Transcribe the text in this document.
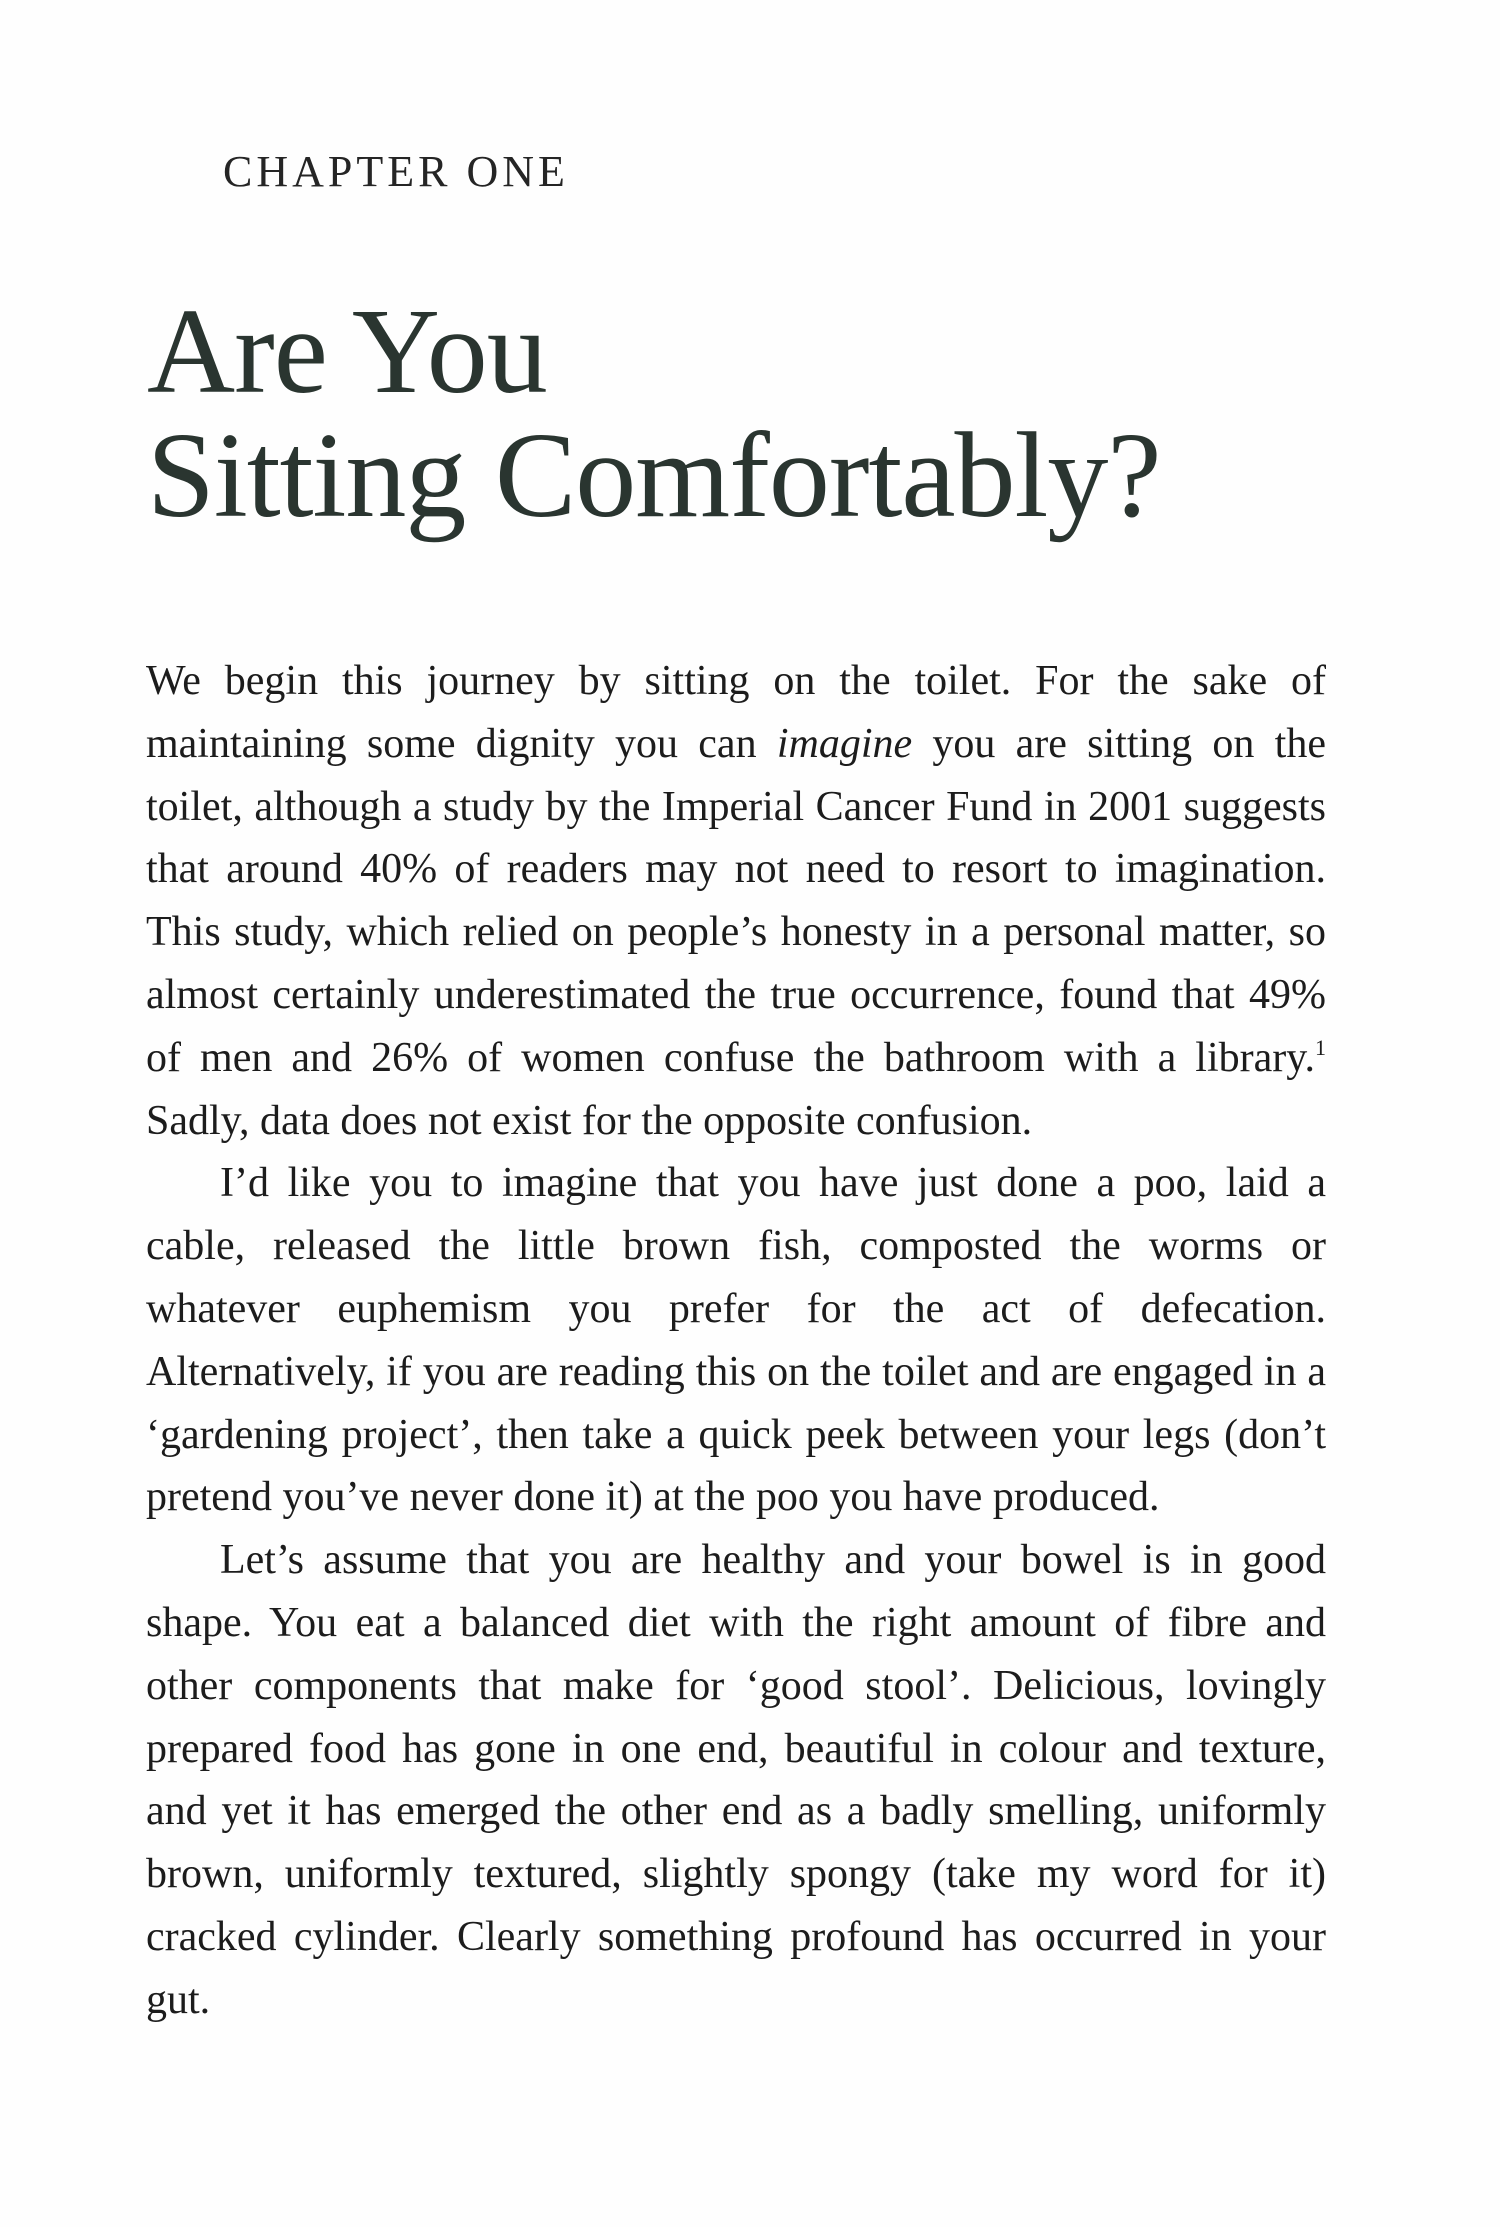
CHAPTER ONE
Are You
Sitting Comfortably?

We begin this journey by sitting on the toilet. For the sake of maintaining some dignity you can imagine you are sitting on the toilet, although a study by the Imperial Cancer Fund in 2001 suggests that around 40% of readers may not need to resort to imagination. This study, which relied on people’s honesty in a personal matter, so almost certainly underestimated the true occurrence, found that 49% of men and 26% of women confuse the bathroom with a library.$^1$ Sadly, data does not exist for the opposite confusion.

I’d like you to imagine that you have just done a poo, laid a cable, released the little brown fish, composted the worms or whatever euphemism you prefer for the act of defecation. Alternatively, if you are reading this on the toilet and are engaged in a ‘gardening project’, then take a quick peek between your legs (don’t pretend you’ve never done it) at the poo you have produced.

Let’s assume that you are healthy and your bowel is in good shape. You eat a balanced diet with the right amount of fibre and other components that make for ‘good stool’. Delicious, lovingly prepared food has gone in one end, beautiful in colour and texture, and yet it has emerged the other end as a badly smelling, uniformly brown, uniformly textured, slightly spongy (take my word for it) cracked cylinder. Clearly something profound has occurred in your gut.
